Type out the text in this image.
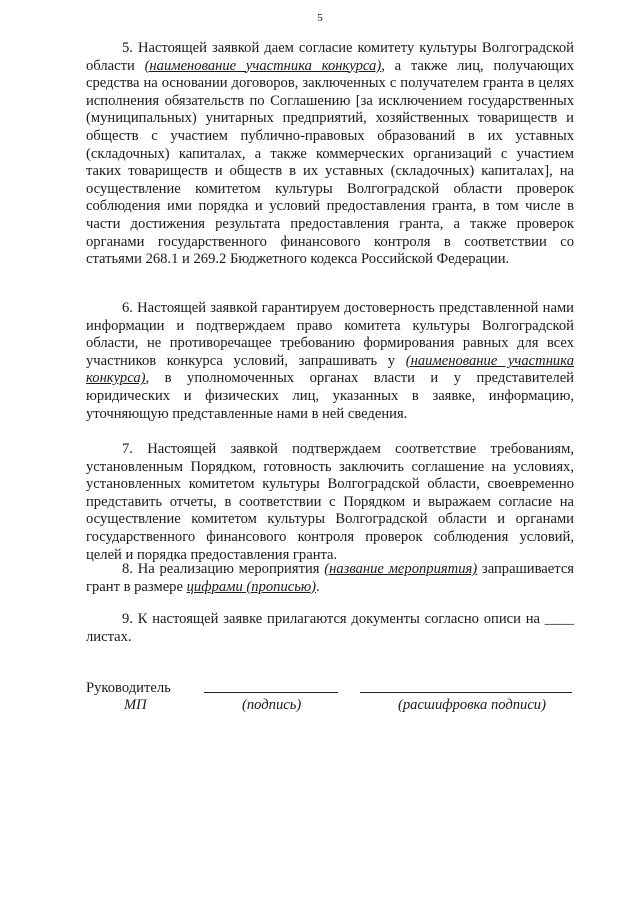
5

5. Настоящей заявкой даем согласие комитету культуры Волгоградской области (наименование участника конкурса), а также лиц, получающих средства на основании договоров, заключенных с получателем гранта в целях исполнения обязательств по Соглашению [за исключением государственных (муниципальных) унитарных предприятий, хозяйственных товариществ и обществ с участием публично-правовых образований в их уставных (складочных) капиталах, а также коммерческих организаций с участием таких товариществ и обществ в их уставных (складочных) капиталах], на осуществление комитетом культуры Волгоградской области проверок соблюдения ими порядка и условий предоставления гранта, в том числе в части достижения результата предоставления гранта, а также проверок органами государственного финансового контроля в соответствии со статьями 268.1 и 269.2 Бюджетного кодекса Российской Федерации.

6. Настоящей заявкой гарантируем достоверность представленной нами информации и подтверждаем право комитета культуры Волгоградской области, не противоречащее требованию формирования равных для всех участников конкурса условий, запрашивать у (наименование участника конкурса), в уполномоченных органах власти и у представителей юридических и физических лиц, указанных в заявке, информацию, уточняющую представленные нами в ней сведения.

7. Настоящей заявкой подтверждаем соответствие требованиям, установленным Порядком, готовность заключить соглашение на условиях, установленных комитетом культуры Волгоградской области, своевременно представить отчеты, в соответствии с Порядком и выражаем согласие на осуществление комитетом культуры Волгоградской области и органами государственного финансового контроля проверок соблюдения условий, целей и порядка предоставления гранта.

8. На реализацию мероприятия (название мероприятия) запрашивается грант в размере цифрами (прописью).

9. К настоящей заявке прилагаются документы согласно описи на ____ листах.

Руководитель
МП	(подпись)	(расшифровка подписи)
